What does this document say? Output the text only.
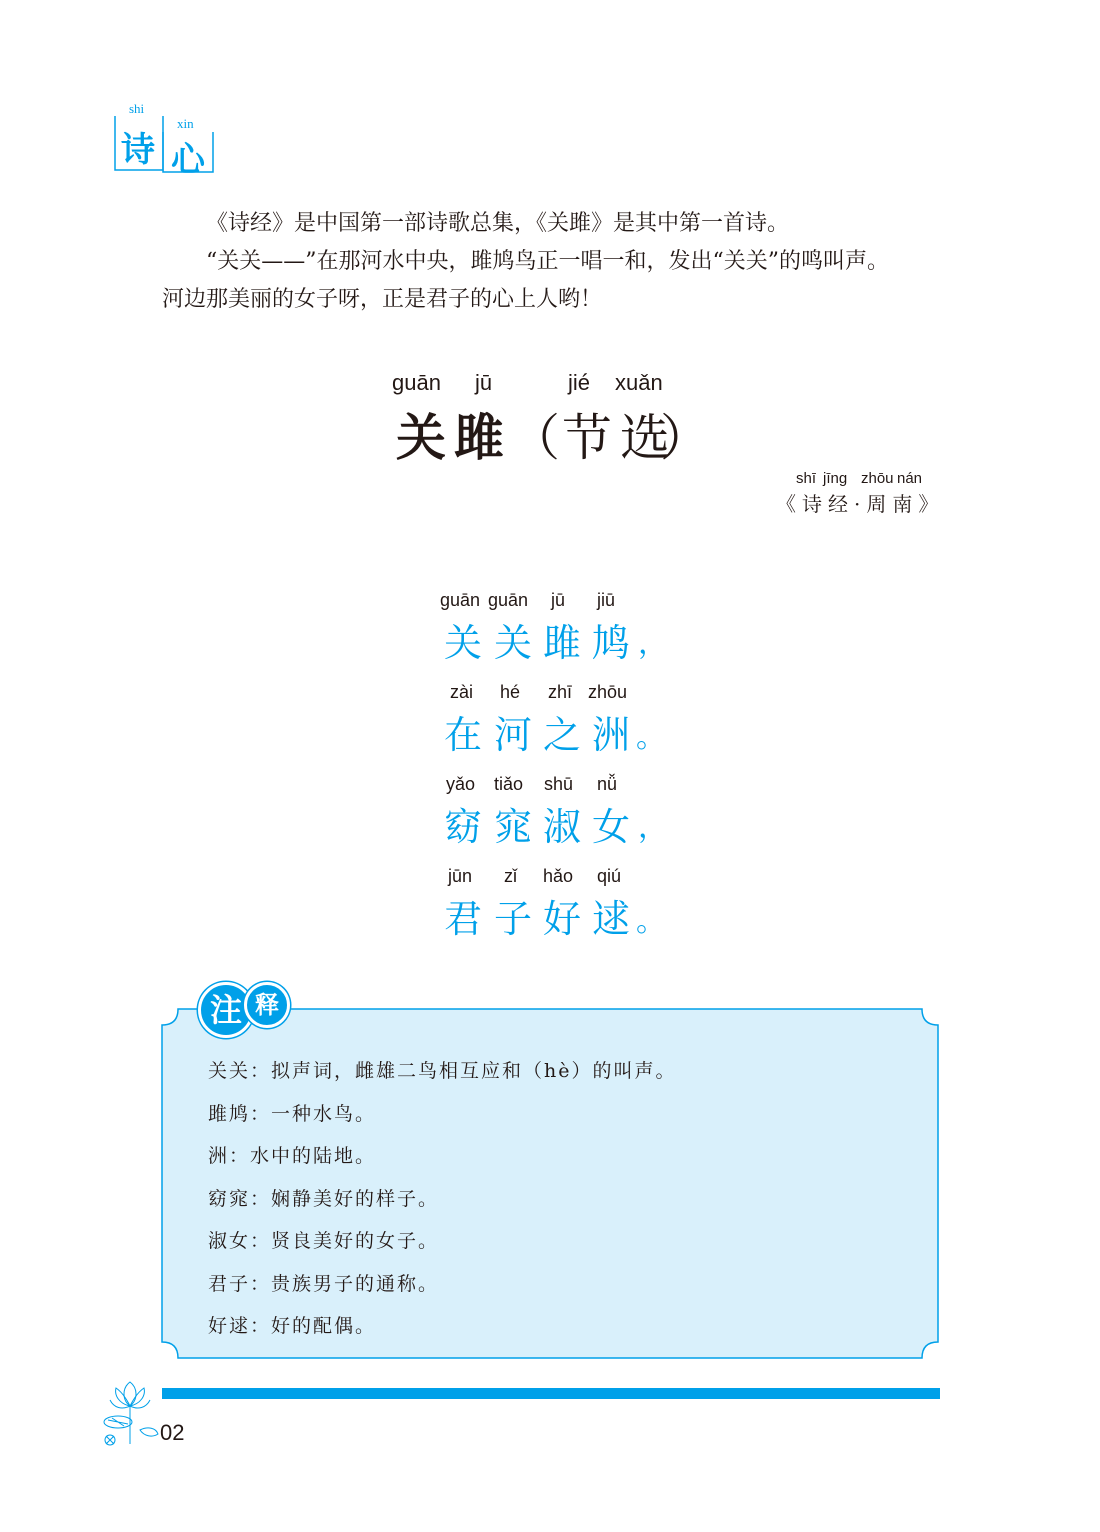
shi
xin
诗 心

《诗经》是中国第一部诗歌总集，《关雎》是其中第一首诗。

“关关——”在那河水中央，雎鸠鸟正一唱一和，发出“关关”的鸣叫声。

河边那美丽的女子呀，正是君子的心上人哟！

guān jū	jié xuǎn
关 雎 （ 节 选
）
shī jīng zhōu nán
《诗经·周南》
guān guān jū jiū
关 关 雎 鸠 ，
zài hé zhī zhōu
在 河 之 洲 。
yǎo tiǎo shū nǚ
窈 窕 淑 女 ，
jūn zǐ hǎo qiú
君 子 好 逑 。
注 释
关关：拟声词，雌雄二鸟相互应和（hè）的叫声。
雎鸠：一种水鸟。
洲：水中的陆地。
窈窕：娴静美好的样子。
淑女：贤良美好的女子。
君子：贵族男子的通称。
好逑：好的配偶。
02
